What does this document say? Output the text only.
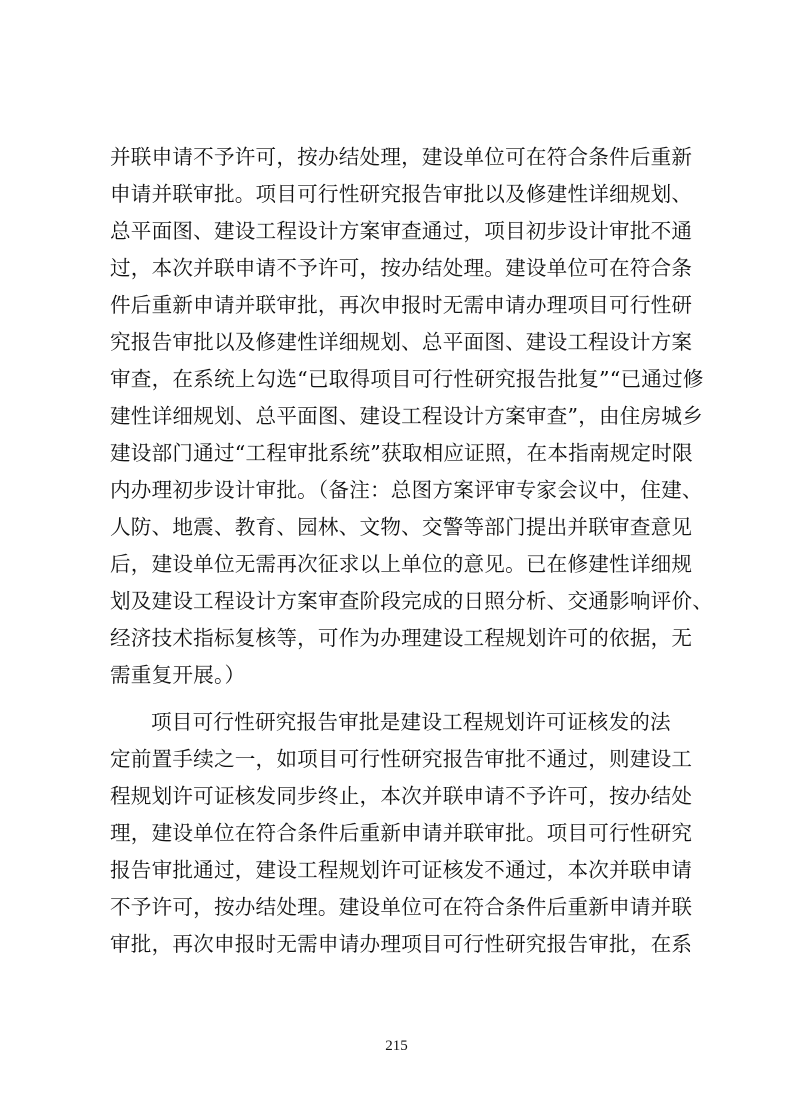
并联申请不予许可，按办结处理，建设单位可在符合条件后重新
申请并联审批。项目可行性研究报告审批以及修建性详细规划、
总平面图、建设工程设计方案审查通过，项目初步设计审批不通
过，本次并联申请不予许可，按办结处理。建设单位可在符合条
件后重新申请并联审批，再次申报时无需申请办理项目可行性研
究报告审批以及修建性详细规划、总平面图、建设工程设计方案
审查，在系统上勾选“已取得项目可行性研究报告批复”“已通过修
建性详细规划、总平面图、建设工程设计方案审查”，由住房城乡
建设部门通过“工程审批系统”获取相应证照，在本指南规定时限
内办理初步设计审批。（备注：总图方案评审专家会议中，住建、
人防、地震、教育、园林、文物、交警等部门提出并联审查意见
后，建设单位无需再次征求以上单位的意见。已在修建性详细规
划及建设工程设计方案审查阶段完成的日照分析、交通影响评价、
经济技术指标复核等，可作为办理建设工程规划许可的依据，无
需重复开展。）
项目可行性研究报告审批是建设工程规划许可证核发的法
定前置手续之一，如项目可行性研究报告审批不通过，则建设工
程规划许可证核发同步终止，本次并联申请不予许可，按办结处
理，建设单位在符合条件后重新申请并联审批。项目可行性研究
报告审批通过，建设工程规划许可证核发不通过，本次并联申请
不予许可，按办结处理。建设单位可在符合条件后重新申请并联
审批，再次申报时无需申请办理项目可行性研究报告审批，在系
215
